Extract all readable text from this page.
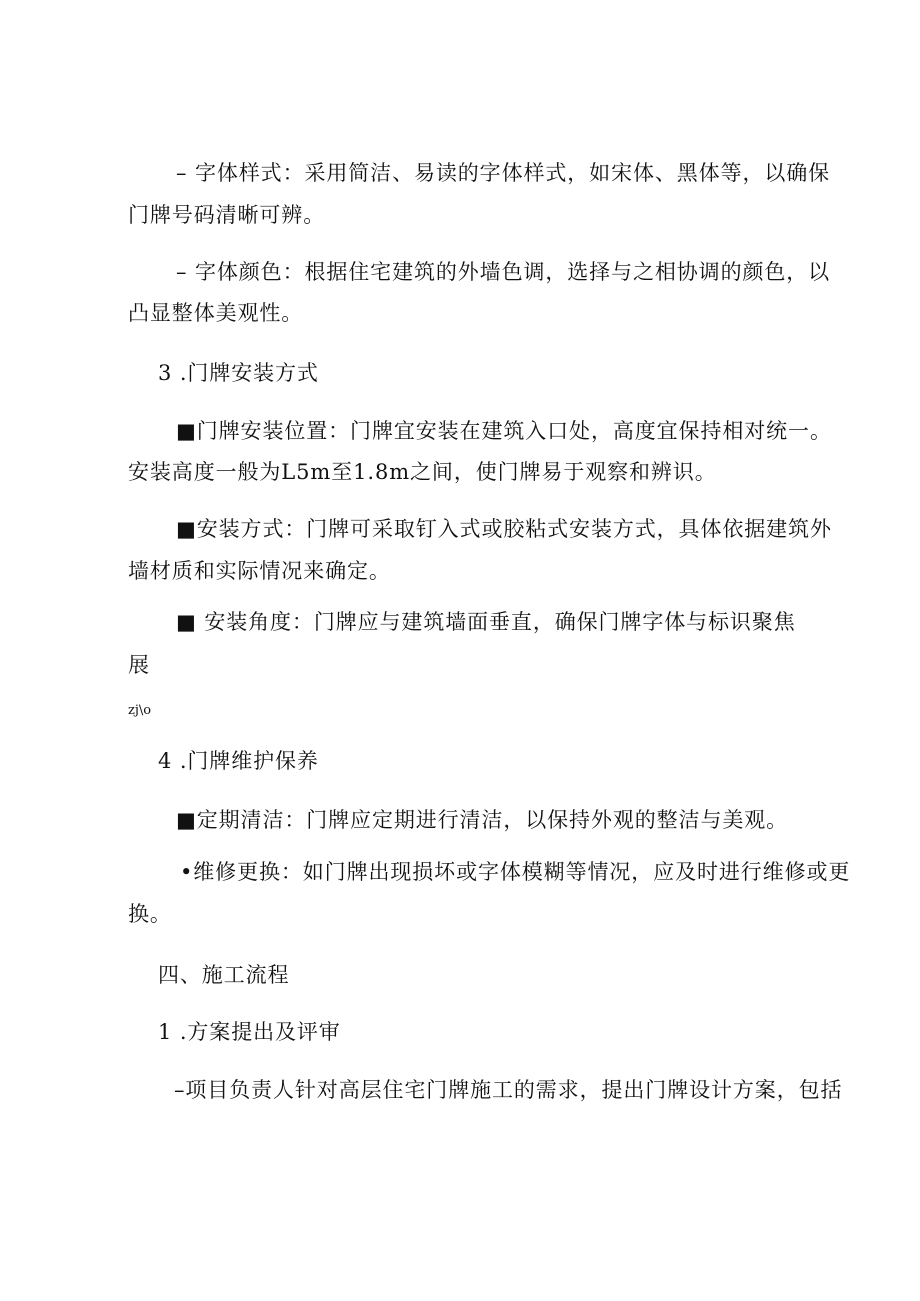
– 字体样式：采用简洁、易读的字体样式，如宋体、黑体等，以确保
门牌号码清晰可辨。
– 字体颜色：根据住宅建筑的外墙色调，选择与之相协调的颜色，以
凸显整体美观性。
3 .门牌安装方式
■门牌安装位置：门牌宜安装在建筑入口处，高度宜保持相对统一。
安装高度一般为L5m至1.8m之间，使门牌易于观察和辨识。
■安装方式：门牌可采取钉入式或胶粘式安装方式，具体依据建筑外
墙材质和实际情况来确定。
■ 安装角度：门牌应与建筑墙面垂直，确保门牌字体与标识聚焦
展
zj\o
4 .门牌维护保养
■定期清洁：门牌应定期进行清洁，以保持外观的整洁与美观。
•维修更换：如门牌出现损坏或字体模糊等情况，应及时进行维修或更
换。
四、施工流程
1 .方案提出及评审
–项目负责人针对高层住宅门牌施工的需求，提出门牌设计方案，包括
